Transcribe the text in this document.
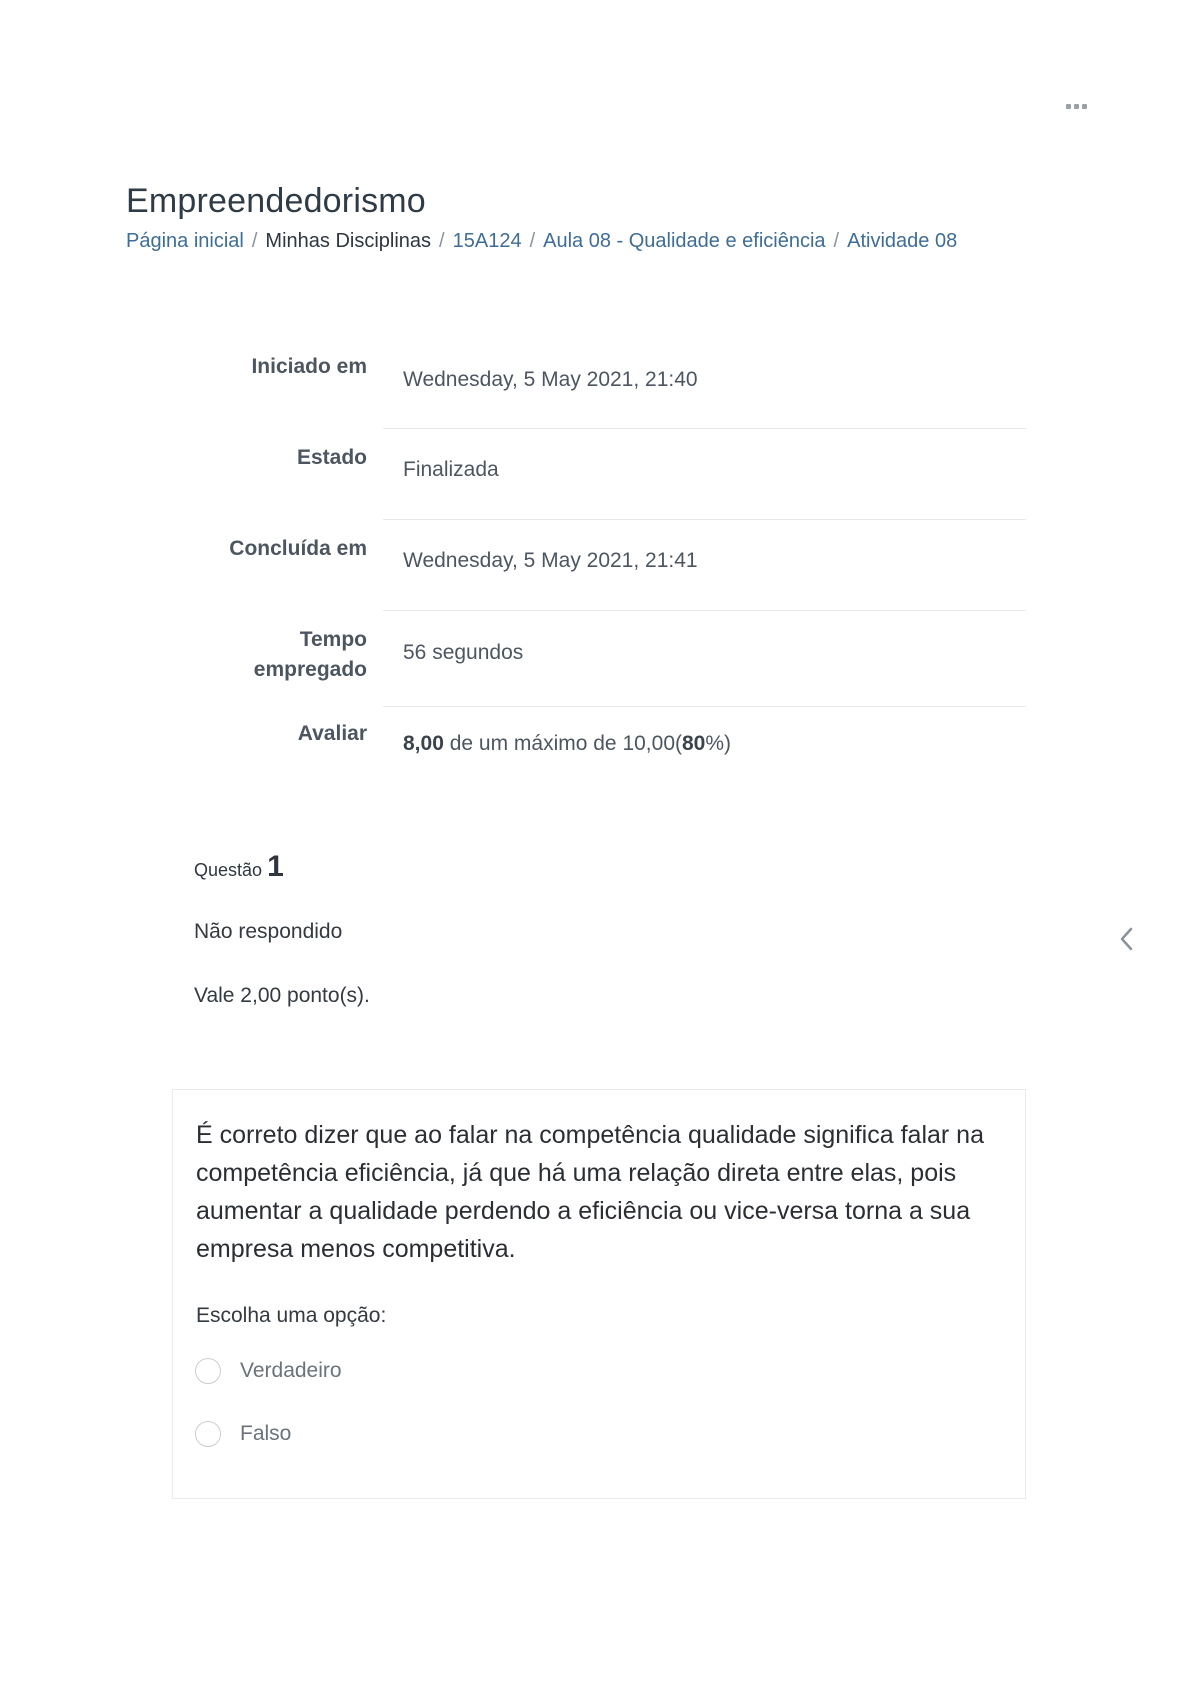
Empreendedorismo
Página inicial / Minhas Disciplinas / 15A124 / Aula 08 - Qualidade e eficiência / Atividade 08
Iniciado em
Wednesday, 5 May 2021, 21:40
Estado
Finalizada
Concluída em
Wednesday, 5 May 2021, 21:41
Tempo
empregado
56 segundos
Avaliar	8,00 de um máximo de 10,00(80%)
Questão 1
Não respondido
Vale 2,00 ponto(s).
É correto dizer que ao falar na competência qualidade significa falar na competência eficiência, já que há uma relação direta entre elas, pois aumentar a qualidade perdendo a eficiência ou vice-versa torna a sua empresa menos competitiva.
Escolha uma opção:
Verdadeiro
Falso
